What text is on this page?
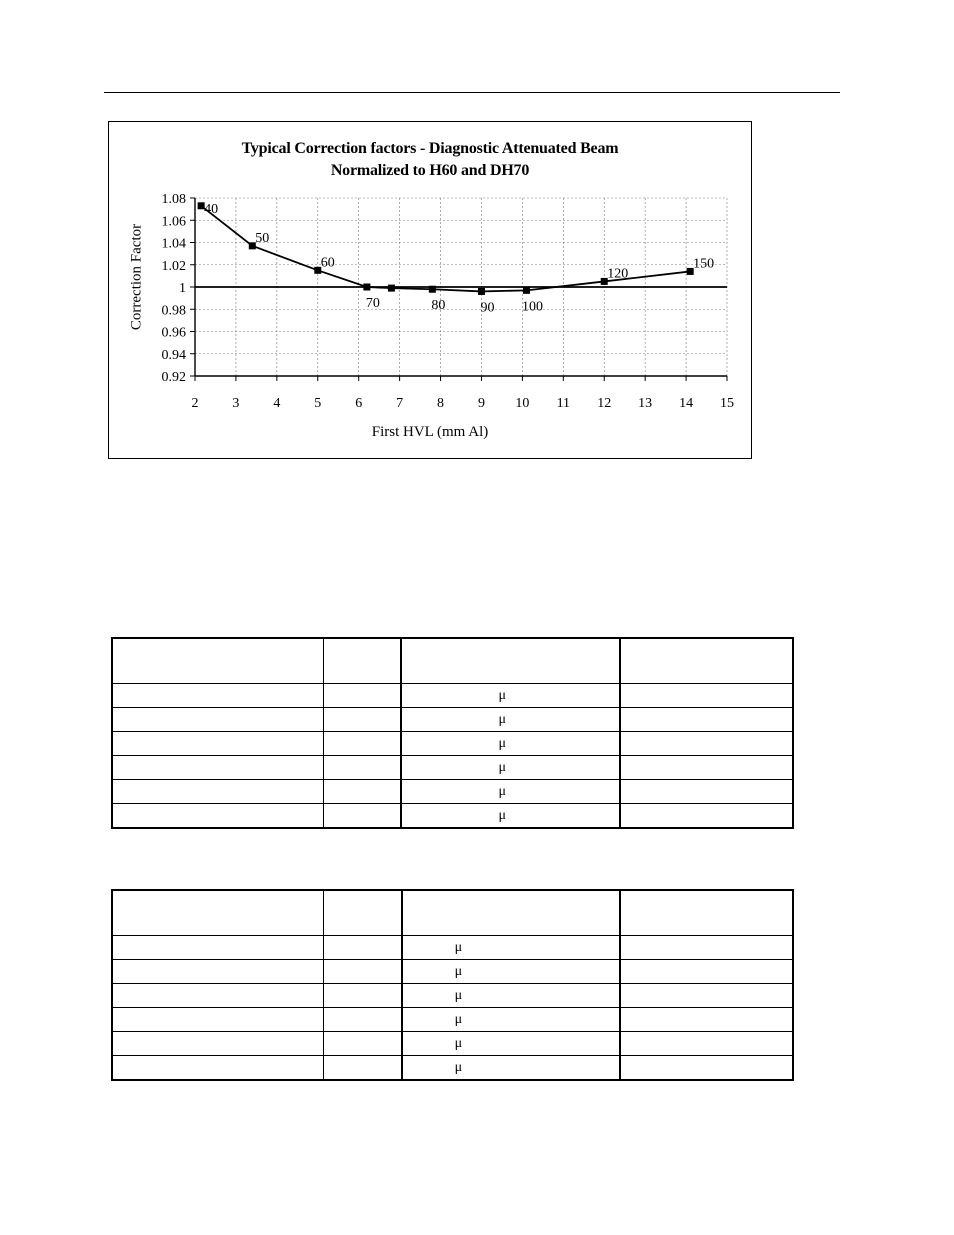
Typical Correction factors - Diagnostic Attenuated Beam
Normalized to H60 and DH70
1.08
1.06
1.04
1.02
1
0.98
0.96
0.94
0.92
2 3 4 5 6 7 8 9 10 11 12 13 14 15
40
50
60
70	80	90 100
120
150
Correction Factor
First HVL (mm Al)

		μ	
		μ	
		μ	
		μ	
		μ	
		μ	

		μ	
		μ	
		μ	
		μ	
		μ	
		μ	
